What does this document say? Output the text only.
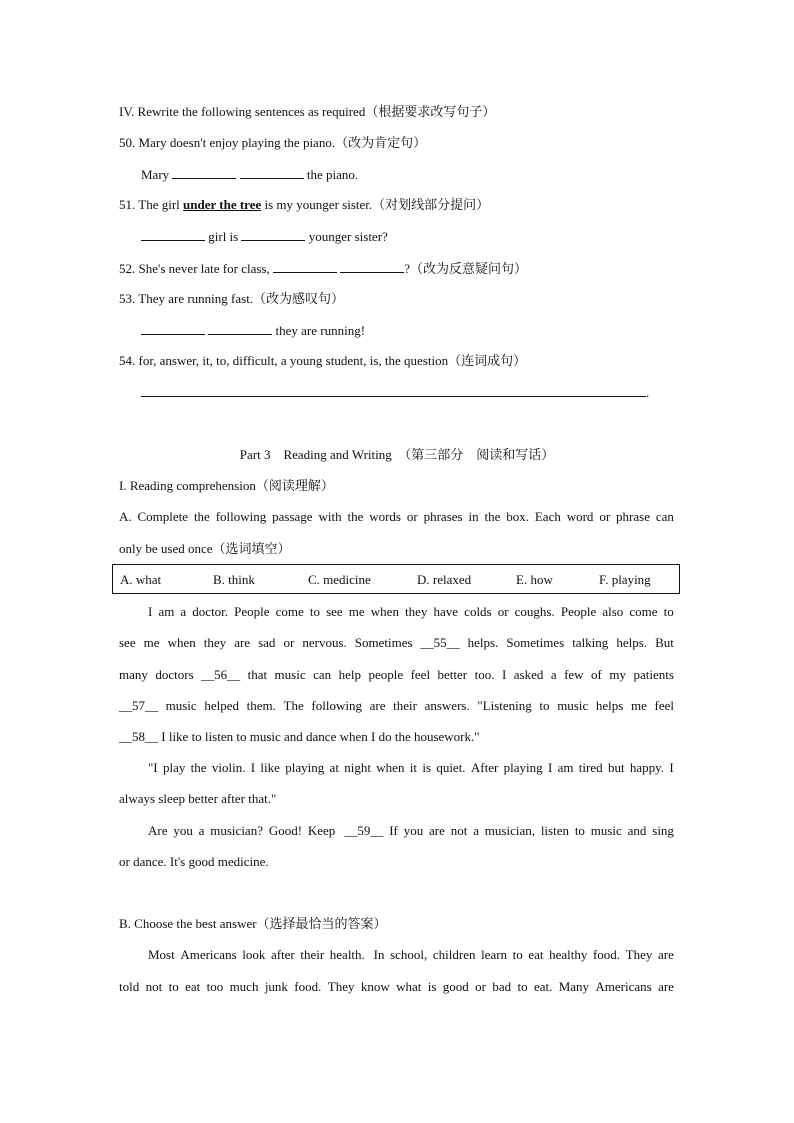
IV. Rewrite the following sentences as required（根据要求改写句子）
50. Mary doesn't enjoy playing the piano.（改为肯定句）
Mary	the piano.
51. The girl under the tree is my younger sister.（对划线部分提问）
girl is	younger sister?
52. She's never late for class,	?（改为反意疑问句）
53. They are running fast.（改为感叹句）
they are running!
54. for, answer, it, to, difficult, a young student, is, the question（连词成句）
.
Part 3    Reading and Writing  （第三部分    阅读和写话）
I. Reading comprehension（阅读理解）
A. Complete the following passage with the words or phrases in the box. Each word or phrase can
only be used once（选词填空）
A. what	B. think	C. medicine	D. relaxed	E. how	F. playing
I am a doctor. People come to see me when they have colds or coughs. People also come to
see me when they are sad or nervous. Sometimes __55__ helps. Sometimes talking helps. But
many doctors __56__ that music can help people feel better too. I asked a few of my patients
__57__ music helped them. The following are their answers. "Listening to music helps me feel
__58__ I like to listen to music and dance when I do the housework."
"I play the violin. I like playing at night when it is quiet. After playing I am tired but happy. I
always sleep better after that."
Are you a musician? Good! Keep __59__ If you are not a musician, listen to music and sing
or dance. It's good medicine.
B. Choose the best answer（选择最恰当的答案）
Most Americans look after their health. In school, children learn to eat healthy food. They are
told not to eat too much junk food. They know what is good or bad to eat. Many Americans are
